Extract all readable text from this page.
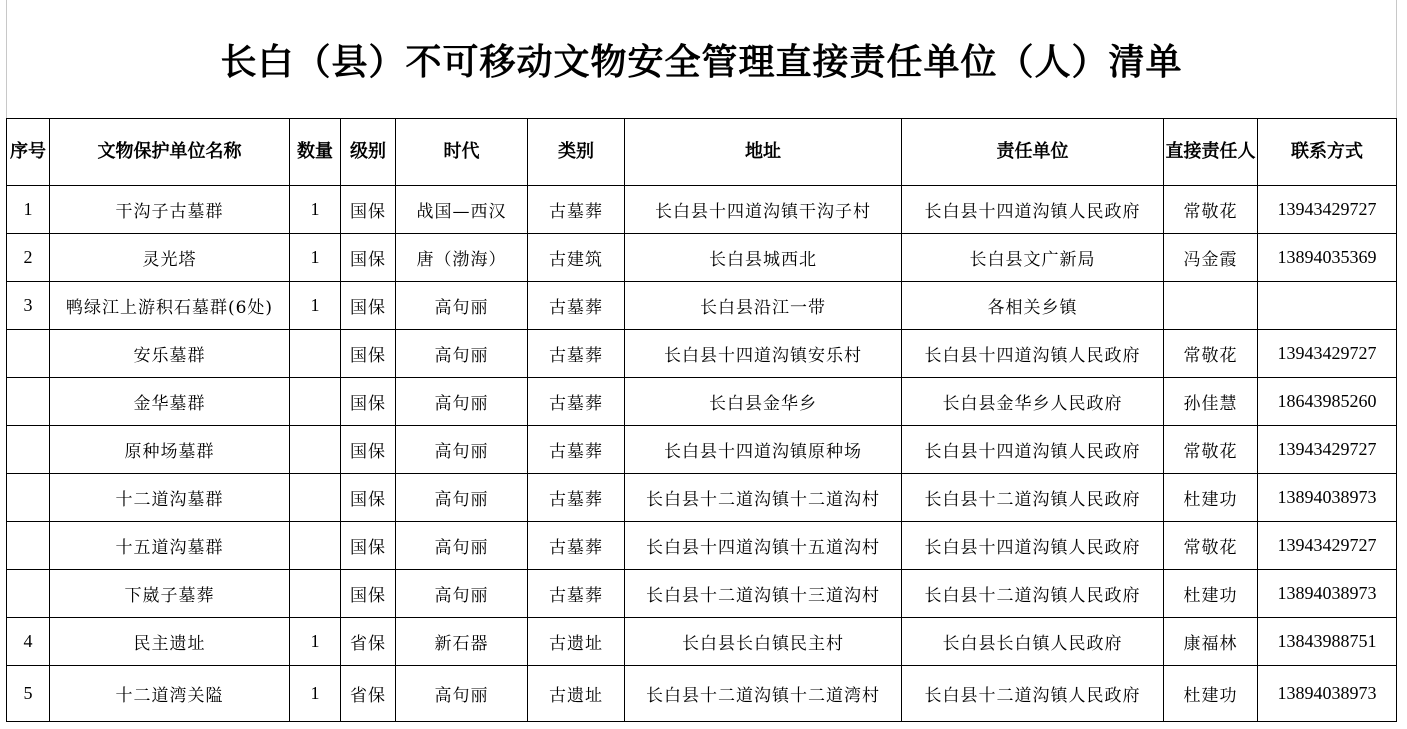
长白（县）不可移动文物安全管理直接责任单位（人）清单
序号	文物保护单位名称	数量	级别	时代	类别	地址	责任单位	直接责任人	联系方式
1	干沟子古墓群	1	国保	战国—西汉	古墓葬	长白县十四道沟镇干沟子村	长白县十四道沟镇人民政府	常敬花	13943429727
2	灵光塔	1	国保	唐（渤海）	古建筑	长白县城西北	长白县文广新局	冯金霞	13894035369
3	鸭绿江上游积石墓群(6处)	1	国保	高句丽	古墓葬	长白县沿江一带	各相关乡镇		
	安乐墓群		国保	高句丽	古墓葬	长白县十四道沟镇安乐村	长白县十四道沟镇人民政府	常敬花	13943429727
	金华墓群		国保	高句丽	古墓葬	长白县金华乡	长白县金华乡人民政府	孙佳慧	18643985260
	原种场墓群		国保	高句丽	古墓葬	长白县十四道沟镇原种场	长白县十四道沟镇人民政府	常敬花	13943429727
	十二道沟墓群		国保	高句丽	古墓葬	长白县十二道沟镇十二道沟村	长白县十二道沟镇人民政府	杜建功	13894038973
	十五道沟墓群		国保	高句丽	古墓葬	长白县十四道沟镇十五道沟村	长白县十四道沟镇人民政府	常敬花	13943429727
	下崴子墓葬		国保	高句丽	古墓葬	长白县十二道沟镇十三道沟村	长白县十二道沟镇人民政府	杜建功	13894038973
4	民主遗址	1	省保	新石器	古遗址	长白县长白镇民主村	长白县长白镇人民政府	康福林	13843988751
5	十二道湾关隘	1	省保	高句丽	古遗址	长白县十二道沟镇十二道湾村	长白县十二道沟镇人民政府	杜建功	13894038973
